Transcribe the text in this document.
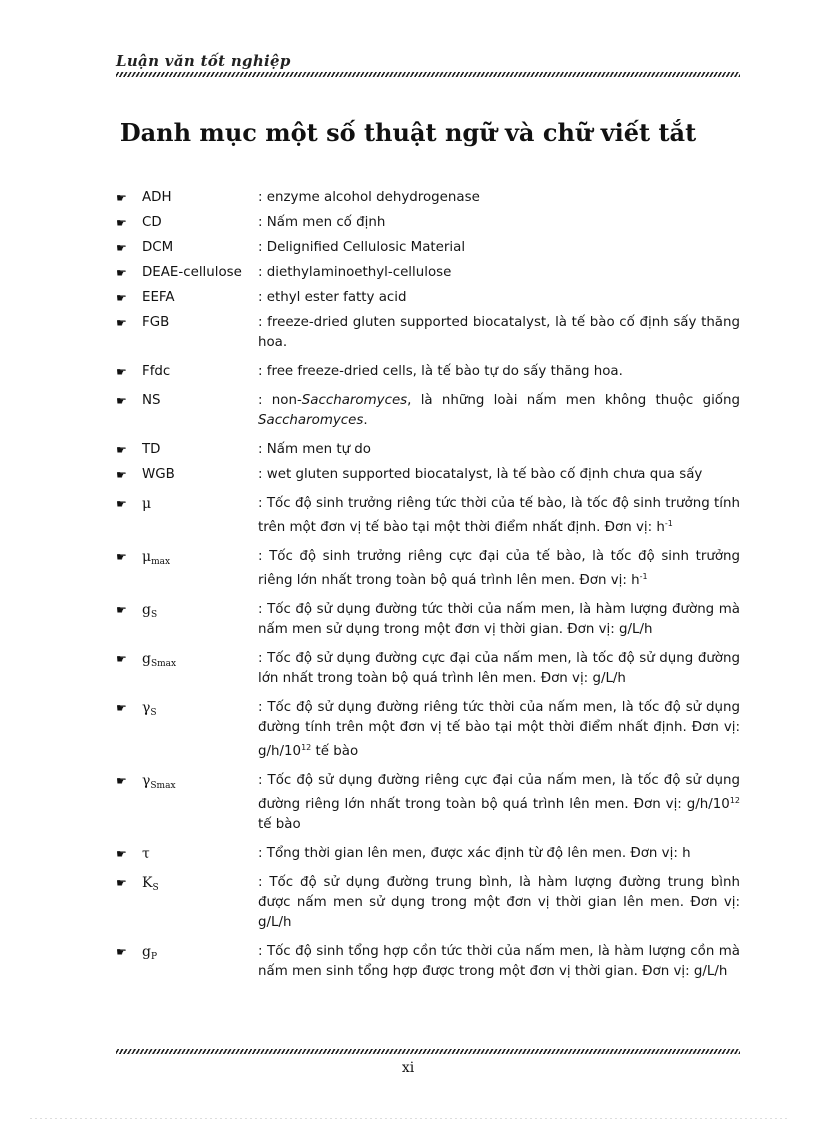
Luận văn tốt nghiệp
Danh mục một số thuật ngữ và chữ viết tắt
☛	ADH	: enzyme alcohol dehydrogenase
☛	CD	: Nấm men cố định
☛	DCM	: Delignified Cellulosic Material
☛	DEAE-cellulose	: diethylaminoethyl-cellulose
☛	EEFA	: ethyl ester fatty acid
☛	FGB	: freeze-dried gluten supported biocatalyst, là tế bào cố định sấy thăng hoa.
☛	Ffdc	: free freeze-dried cells, là tế bào tự do sấy thăng hoa.
☛	NS	: non-Saccharomyces, là những loài nấm men không thuộc giống Saccharomyces.
☛	TD	: Nấm men tự do
☛	WGB	: wet gluten supported biocatalyst, là tế bào cố định chưa qua sấy
☛	μ	: Tốc độ sinh trưởng riêng tức thời của tế bào, là tốc độ sinh trưởng tính trên một đơn vị tế bào tại một thời điểm nhất định. Đơn vị: $h^{-1}$
☛	$\mu_{max}$	: Tốc độ sinh trưởng riêng cực đại của tế bào, là tốc độ sinh trưởng riêng lớn nhất trong toàn bộ quá trình lên men. Đơn vị: $h^{-1}$
☛	$g_S$	: Tốc độ sử dụng đường tức thời của nấm men, là hàm lượng đường mà nấm men sử dụng trong một đơn vị thời gian. Đơn vị: g/L/h
☛	$g_{Smax}$	: Tốc độ sử dụng đường cực đại của nấm men, là tốc độ sử dụng đường lớn nhất trong toàn bộ quá trình lên men. Đơn vị: g/L/h
☛	$\gamma_S$	: Tốc độ sử dụng đường riêng tức thời của nấm men, là tốc độ sử dụng đường tính trên một đơn vị tế bào tại một thời điểm nhất định. Đơn vị: $g/h/10^{12}$ tế bào
☛	$\gamma_{Smax}$	: Tốc độ sử dụng đường riêng cực đại của nấm men, là tốc độ sử dụng đường riêng lớn nhất trong toàn bộ quá trình lên men. Đơn vị: $g/h/10^{12}$ tế bào
☛	τ	: Tổng thời gian lên men, được xác định từ độ lên men. Đơn vị: h
☛	$K_S$	: Tốc độ sử dụng đường trung bình, là hàm lượng đường trung bình được nấm men sử dụng trong một đơn vị thời gian lên men. Đơn vị: g/L/h
☛	$g_P$	: Tốc độ sinh tổng hợp cồn tức thời của nấm men, là hàm lượng cồn mà nấm men sinh tổng hợp được trong một đơn vị thời gian. Đơn vị: g/L/h
xi
